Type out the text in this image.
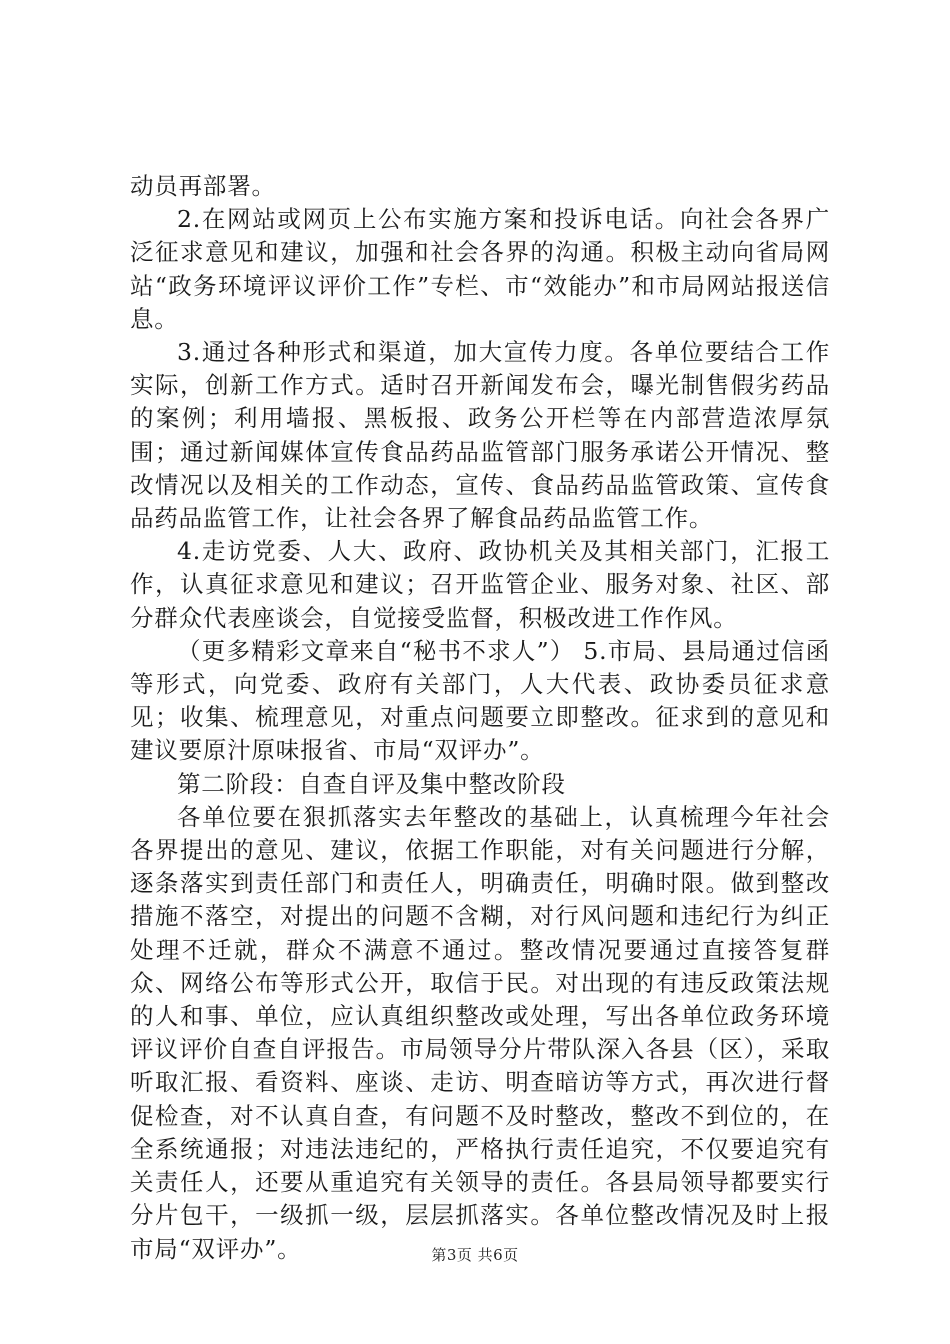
动员再部署。

2.在网站或网页上公布实施方案和投诉电话。向社会各界广泛征求意见和建议，加强和社会各界的沟通。积极主动向省局网站“政务环境评议评价工作”专栏、市“效能办”和市局网站报送信息。

3.通过各种形式和渠道，加大宣传力度。各单位要结合工作实际，创新工作方式。适时召开新闻发布会，曝光制售假劣药品的案例；利用墙报、黑板报、政务公开栏等在内部营造浓厚氛围；通过新闻媒体宣传食品药品监管部门服务承诺公开情况、整改情况以及相关的工作动态，宣传、食品药品监管政策、宣传食品药品监管工作，让社会各界了解食品药品监管工作。

4.走访党委、人大、政府、政协机关及其相关部门，汇报工作，认真征求意见和建议；召开监管企业、服务对象、社区、部分群众代表座谈会，自觉接受监督，积极改进工作作风。

（更多精彩文章来自“秘书不求人”） 5.市局、县局通过信函等形式，向党委、政府有关部门，人大代表、政协委员征求意见；收集、梳理意见，对重点问题要立即整改。征求到的意见和建议要原汁原味报省、市局“双评办”。

第二阶段：自查自评及集中整改阶段

各单位要在狠抓落实去年整改的基础上，认真梳理今年社会各界提出的意见、建议，依据工作职能，对有关问题进行分解，逐条落实到责任部门和责任人，明确责任，明确时限。做到整改措施不落空，对提出的问题不含糊，对行风问题和违纪行为纠正处理不迁就，群众不满意不通过。整改情况要通过直接答复群众、网络公布等形式公开，取信于民。对出现的有违反政策法规的人和事、单位，应认真组织整改或处理，写出各单位政务环境评议评价自查自评报告。市局领导分片带队深入各县（区），采取听取汇报、看资料、座谈、走访、明查暗访等方式，再次进行督促检查，对不认真自查，有问题不及时整改，整改不到位的，在全系统通报；对违法违纪的，严格执行责任追究，不仅要追究有关责任人，还要从重追究有关领导的责任。各县局领导都要实行分片包干，一级抓一级，层层抓落实。各单位整改情况及时上报市局“双评办”。	第3页 共6页
